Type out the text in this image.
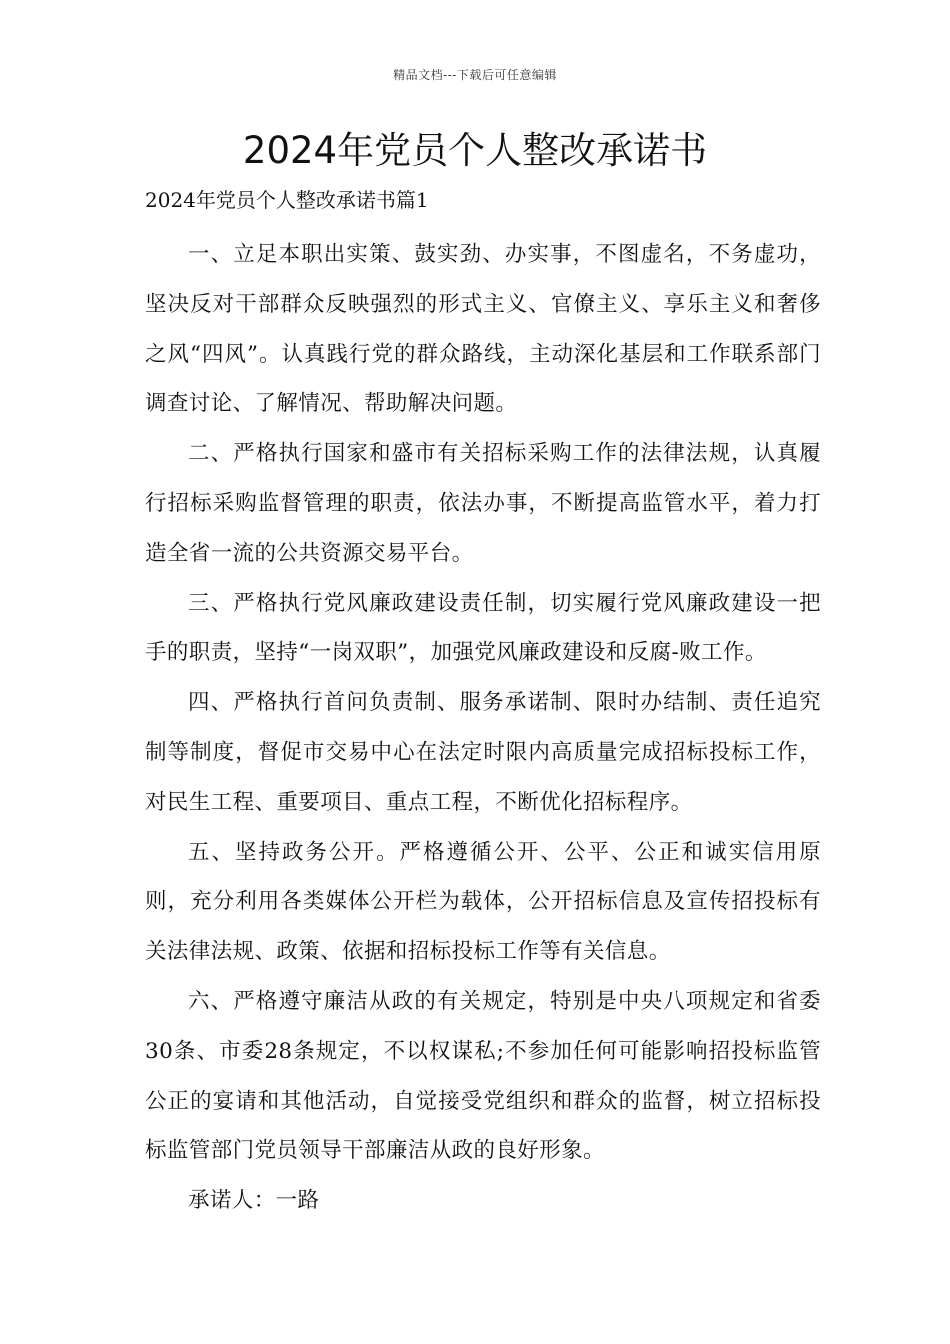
精品文档---下载后可任意编辑
2024年党员个人整改承诺书
2024年党员个人整改承诺书篇1

一、立足本职出实策、鼓实劲、办实事，不图虚名，不务虚功，坚决反对干部群众反映强烈的形式主义、官僚主义、享乐主义和奢侈之风“四风”。认真践行党的群众路线，主动深化基层和工作联系部门调查讨论、了解情况、帮助解决问题。

二、严格执行国家和盛市有关招标采购工作的法律法规，认真履行招标采购监督管理的职责，依法办事，不断提高监管水平，着力打造全省一流的公共资源交易平台。

三、严格执行党风廉政建设责任制，切实履行党风廉政建设一把手的职责，坚持“一岗双职”，加强党风廉政建设和反腐-败工作。

四、严格执行首问负责制、服务承诺制、限时办结制、责任追究制等制度，督促市交易中心在法定时限内高质量完成招标投标工作，对民生工程、重要项目、重点工程，不断优化招标程序。

五、坚持政务公开。严格遵循公开、公平、公正和诚实信用原则，充分利用各类媒体公开栏为载体，公开招标信息及宣传招投标有关法律法规、政策、依据和招标投标工作等有关信息。

六、严格遵守廉洁从政的有关规定，特别是中央八项规定和省委30条、市委28条规定，不以权谋私;不参加任何可能影响招投标监管公正的宴请和其他活动，自觉接受党组织和群众的监督，树立招标投标监管部门党员领导干部廉洁从政的良好形象。

承诺人：一路
